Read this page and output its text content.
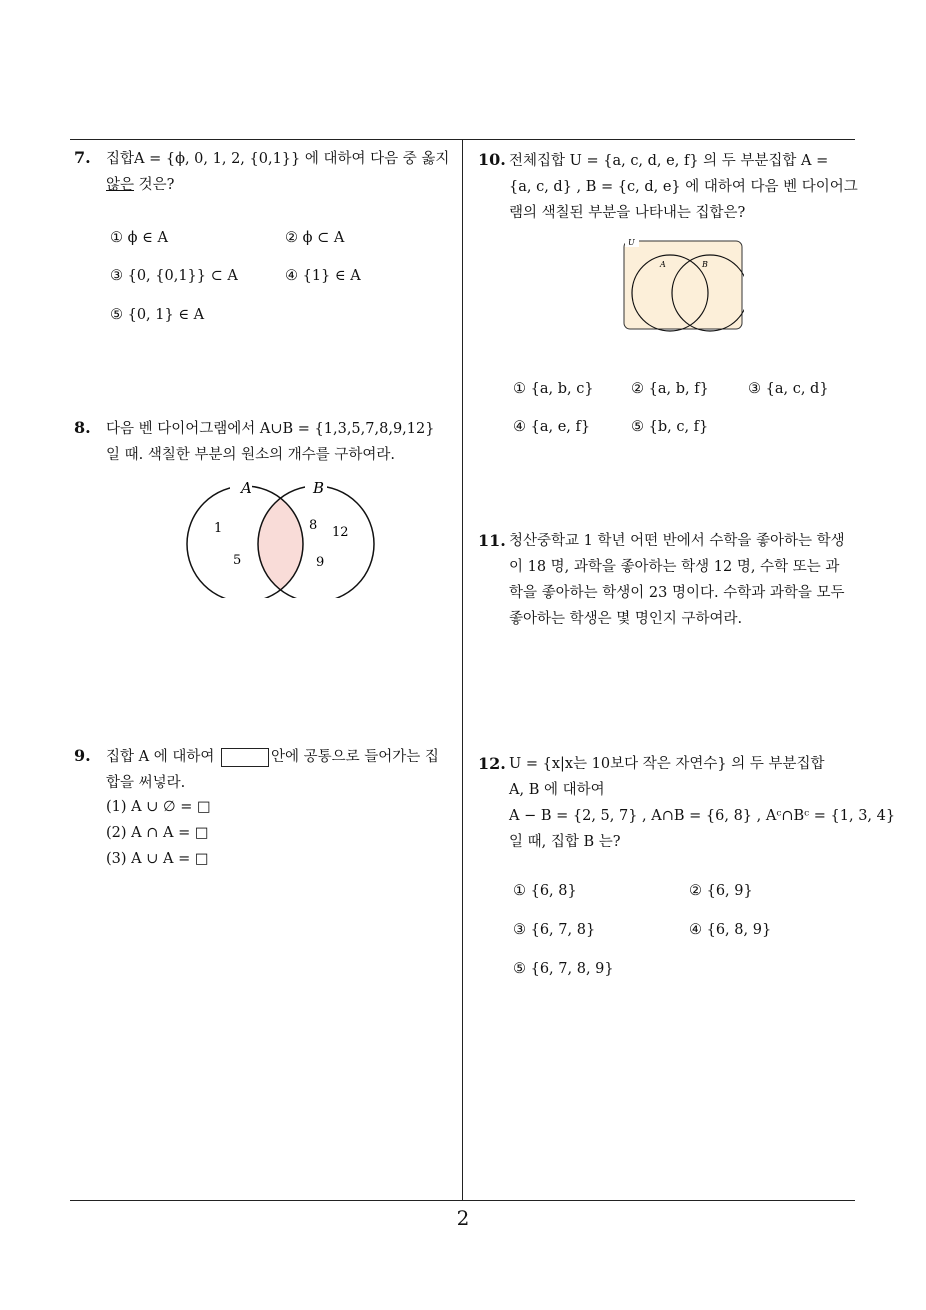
7. 집합A = {ϕ, 0, 1, 2, {0,1}} 에 대하여 다음 중 옳지
않은 것은?
① ϕ ∈ A	② ϕ ⊂ A
③ {0, {0,1}} ⊂ A	④ {1} ∈ A
⑤ {0, 1} ∈ A
8. 다음 벤 다이어그램에서 A∪B = {1,3,5,7,8,9,12}
일 때. 색칠한 부분의 원소의 개수를 구하여라.
A	B
1
5
8 12
9
9. 집합 A 에 대하여	안에 공통으로 들어가는 집
합을 써넣라.
(1) A ∪ ∅ = □
(2) A ∩ A = □
(3) A ∪ A = □
10. 전체집합 U = {a, c, d, e, f} 의 두 부분집합 A =
{a, c, d} , B = {c, d, e} 에 대하여 다음 벤 다이어그
램의 색칠된 부분을 나타내는 집합은?
U
A	B
① {a, b, c}	② {a, b, f}	③ {a, c, d}
④ {a, e, f}	⑤ {b, c, f}
11. 청산중학교 1 학년 어떤 반에서 수학을 좋아하는 학생
이 18 명, 과학을 좋아하는 학생 12 명, 수학 또는 과
학을 좋아하는 학생이 23 명이다. 수학과 과학을 모두
좋아하는 학생은 몇 명인지 구하여라.
12. U = {x|x는 10보다 작은 자연수} 의 두 부분집합
A, B 에 대하여
A − B = {2, 5, 7} , A∩B = {6, 8} , Aᶜ∩Bᶜ = {1, 3, 4}
일 때, 집합 B 는?
① {6, 8}	② {6, 9}
③ {6, 7, 8}	④ {6, 8, 9}
⑤ {6, 7, 8, 9}
2
